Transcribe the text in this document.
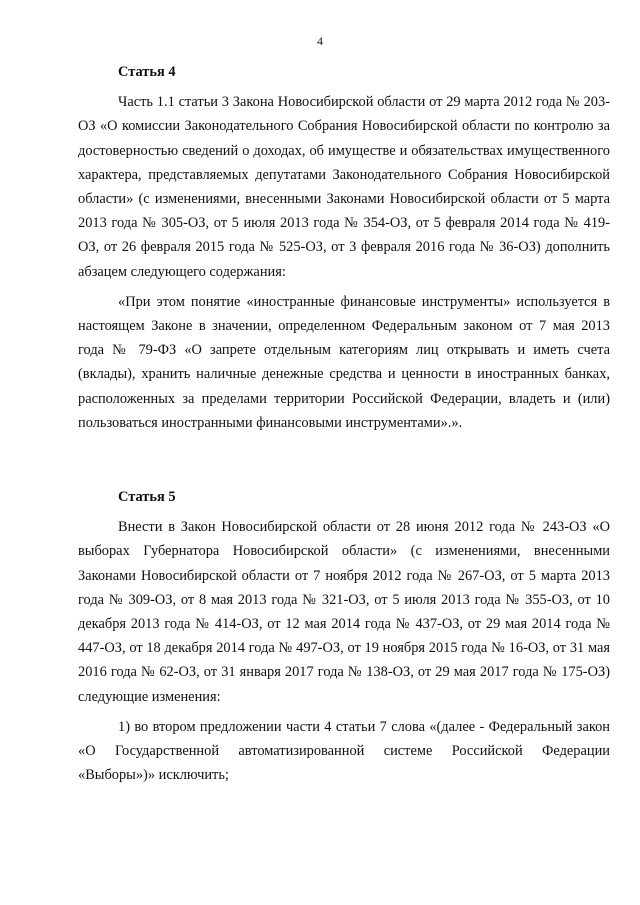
4

Статья 4

Часть 1.1 статьи 3 Закона Новосибирской области от 29 марта 2012 года № 203-ОЗ «О комиссии Законодательного Собрания Новосибирской области по контролю за достоверностью сведений о доходах, об имуществе и обязательствах имущественного характера, представляемых депутатами Законодательного Собрания Новосибирской области» (с изменениями, внесенными Законами Новосибирской области от 5 марта 2013 года № 305-ОЗ, от 5 июля 2013 года № 354-ОЗ, от 5 февраля 2014 года № 419-ОЗ, от 26 февраля 2015 года № 525-ОЗ, от 3 февраля 2016 года № 36-ОЗ) дополнить абзацем следующего содержания:

«При этом понятие «иностранные финансовые инструменты» используется в настоящем Законе в значении, определенном Федеральным законом от 7 мая 2013 года № 79-ФЗ «О запрете отдельным категориям лиц открывать и иметь счета (вклады), хранить наличные денежные средства и ценности в иностранных банках, расположенных за пределами территории Российской Федерации, владеть и (или) пользоваться иностранными финансовыми инструментами».».

Статья 5

Внести в Закон Новосибирской области от 28 июня 2012 года № 243-ОЗ «О выборах Губернатора Новосибирской области» (с изменениями, внесенными Законами Новосибирской области от 7 ноября 2012 года № 267-ОЗ, от 5 марта 2013 года № 309-ОЗ, от 8 мая 2013 года № 321-ОЗ, от 5 июля 2013 года № 355-ОЗ, от 10 декабря 2013 года № 414-ОЗ, от 12 мая 2014 года № 437-ОЗ, от 29 мая 2014 года № 447-ОЗ, от 18 декабря 2014 года № 497-ОЗ, от 19 ноября 2015 года № 16-ОЗ, от 31 мая 2016 года № 62-ОЗ, от 31 января 2017 года № 138-ОЗ, от 29 мая 2017 года № 175-ОЗ) следующие изменения:

1) во втором предложении части 4 статьи 7 слова «(далее - Федеральный закон «О Государственной автоматизированной системе Российской Федерации «Выборы»)» исключить;
